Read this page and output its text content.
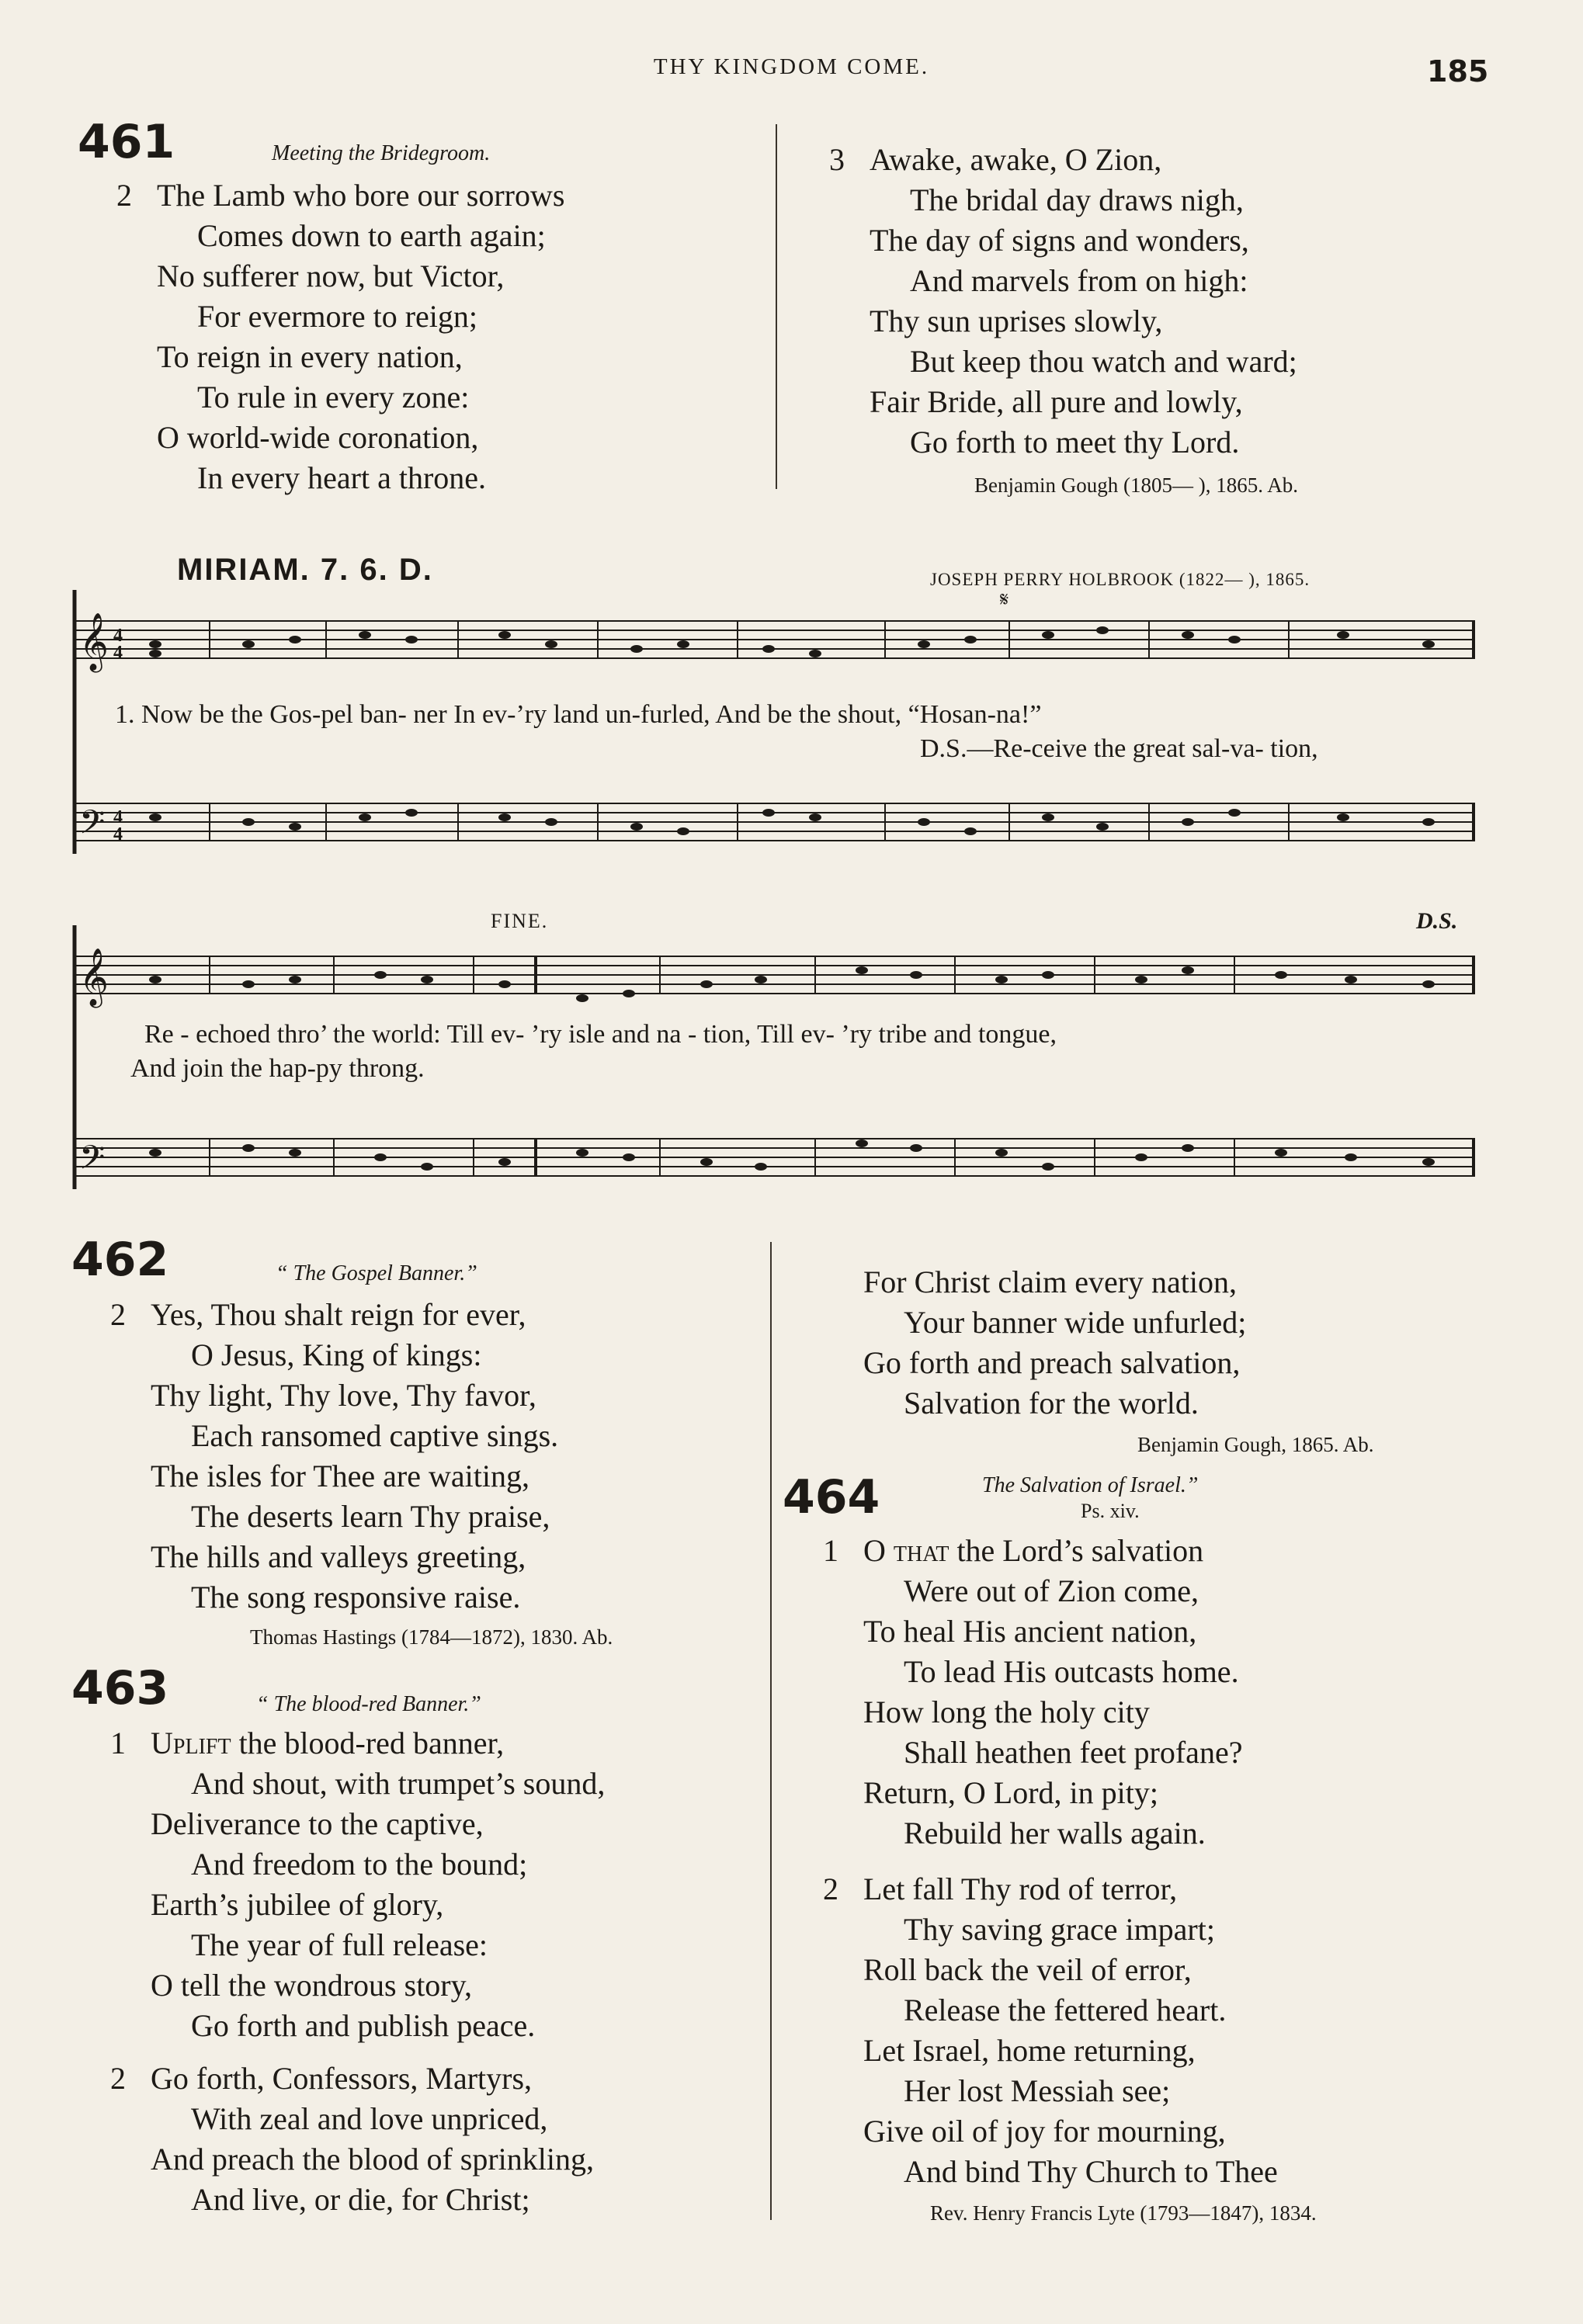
THY KINGDOM COME.	185
461	Meeting the Bridegroom.
2 The Lamb who bore our sorrows
Comes down to earth again;
No sufferer now, but Victor,
For evermore to reign;
To reign in every nation,
To rule in every zone:
O world-wide coronation,
In every heart a throne.
3 Awake, awake, O Zion,
The bridal day draws nigh,
The day of signs and wonders,
And marvels from on high:
Thy sun uprises slowly,
But keep thou watch and ward;
Fair Bride, all pure and lowly,
Go forth to meet thy Lord.
Benjamin Gough (1805— ), 1865. Ab.
MIRIAM. 7. 6. D.	JOSEPH PERRY HOLBROOK (1822— ), 1865.
𝄞
𝄢
4
4
4
4
𝄋
1. Now be the Gos-pel ban- ner In ev-’ry land un-furled, And be the shout, “Hosan-na!”
D.S.—Re-ceive the great sal-va- tion,
𝄞
𝄢
FINE.	D.S.
Re - echoed thro’ the world: Till ev- ’ry isle and na - tion, Till ev- ’ry tribe and tongue,
And join the hap-py throng.
462	“ The Gospel Banner.”
2 Yes, Thou shalt reign for ever,
O Jesus, King of kings:
Thy light, Thy love, Thy favor,
Each ransomed captive sings.
The isles for Thee are waiting,
The deserts learn Thy praise,
The hills and valleys greeting,
The song responsive raise.
Thomas Hastings (1784—1872), 1830. Ab.
463	“ The blood-red Banner.”
1 Uplift the blood-red banner,
And shout, with trumpet’s sound,
Deliverance to the captive,
And freedom to the bound;
Earth’s jubilee of glory,
The year of full release:
O tell the wondrous story,
Go forth and publish peace.
2 Go forth, Confessors, Martyrs,
With zeal and love unpriced,
And preach the blood of sprinkling,
And live, or die, for Christ;
For Christ claim every nation,
Your banner wide unfurled;
Go forth and preach salvation,
Salvation for the world.
Benjamin Gough, 1865. Ab.
464	The Salvation of Israel.”
Ps. xiv.
1 O that the Lord’s salvation
Were out of Zion come,
To heal His ancient nation,
To lead His outcasts home.
How long the holy city
Shall heathen feet profane?
Return, O Lord, in pity;
Rebuild her walls again.
2 Let fall Thy rod of terror,
Thy saving grace impart;
Roll back the veil of error,
Release the fettered heart.
Let Israel, home returning,
Her lost Messiah see;
Give oil of joy for mourning,
And bind Thy Church to Thee
Rev. Henry Francis Lyte (1793—1847), 1834.
